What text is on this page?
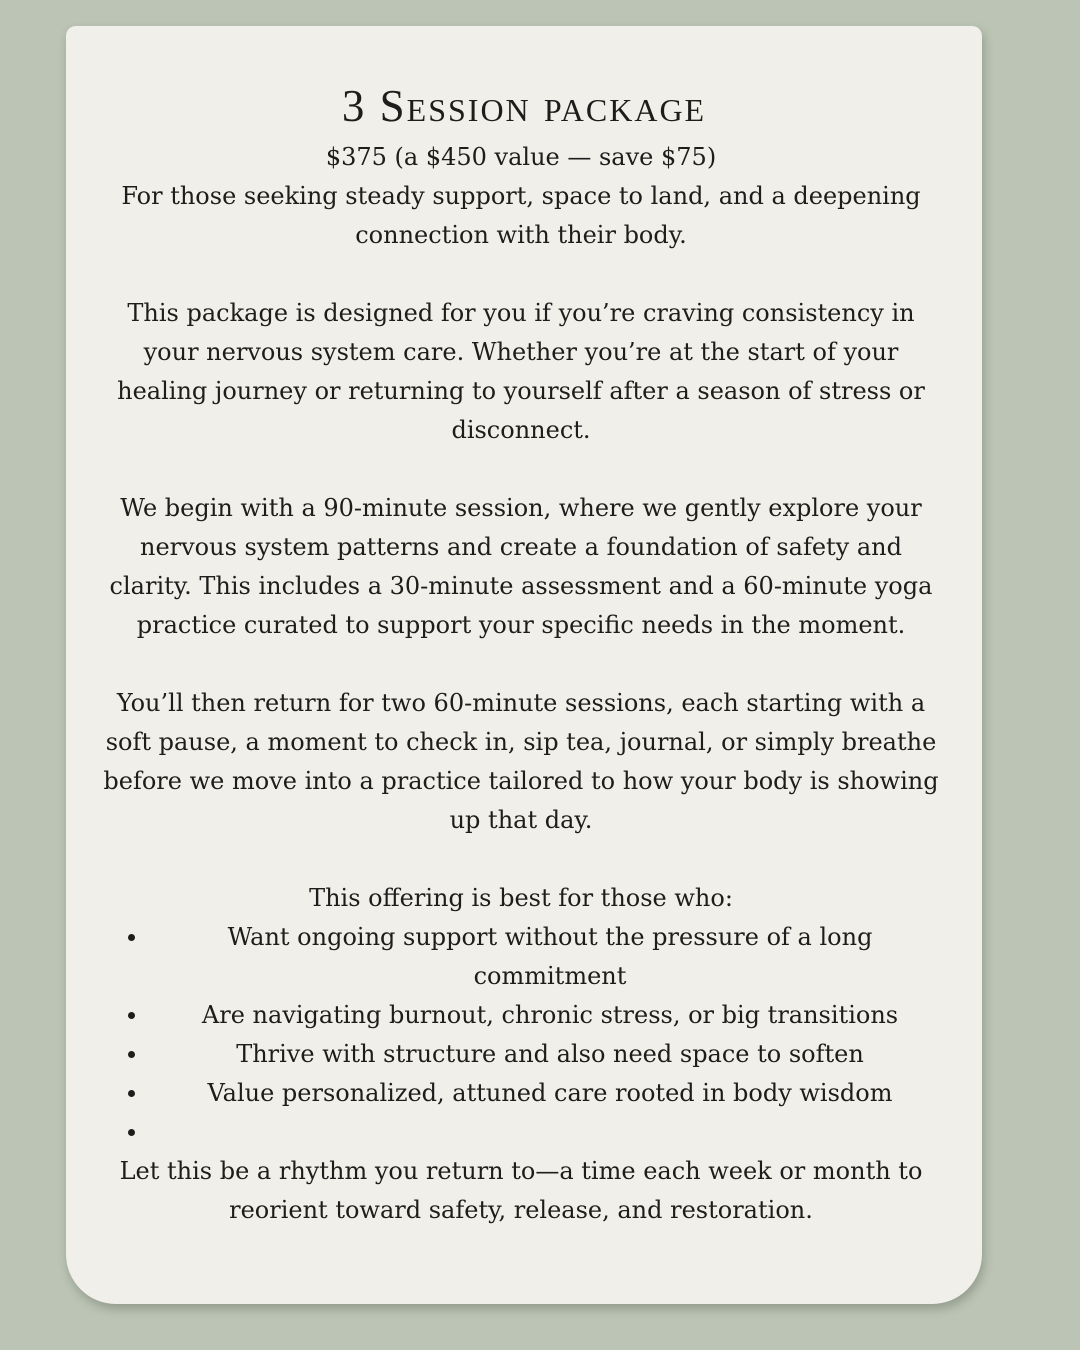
3 Session package

$375 (a $450 value — save $75)

For those seeking steady support, space to land, and a deepening connection with their body.

This package is designed for you if you’re craving consistency in your nervous system care. Whether you’re at the start of your healing journey or returning to yourself after a season of stress or disconnect.

We begin with a 90-minute session, where we gently explore your nervous system patterns and create a foundation of safety and clarity. This includes a 30-minute assessment and a 60-minute yoga practice curated to support your specific needs in the moment.

You’ll then return for two 60-minute sessions, each starting with a soft pause, a moment to check in, sip tea, journal, or simply breathe before we move into a practice tailored to how your body is showing up that day.

This offering is best for those who:

Want ongoing support without the pressure of a long commitment
Are navigating burnout, chronic stress, or big transitions
Thrive with structure and also need space to soften
Value personalized, attuned care rooted in body wisdom

Let this be a rhythm you return to—a time each week or month to reorient toward safety, release, and restoration.
